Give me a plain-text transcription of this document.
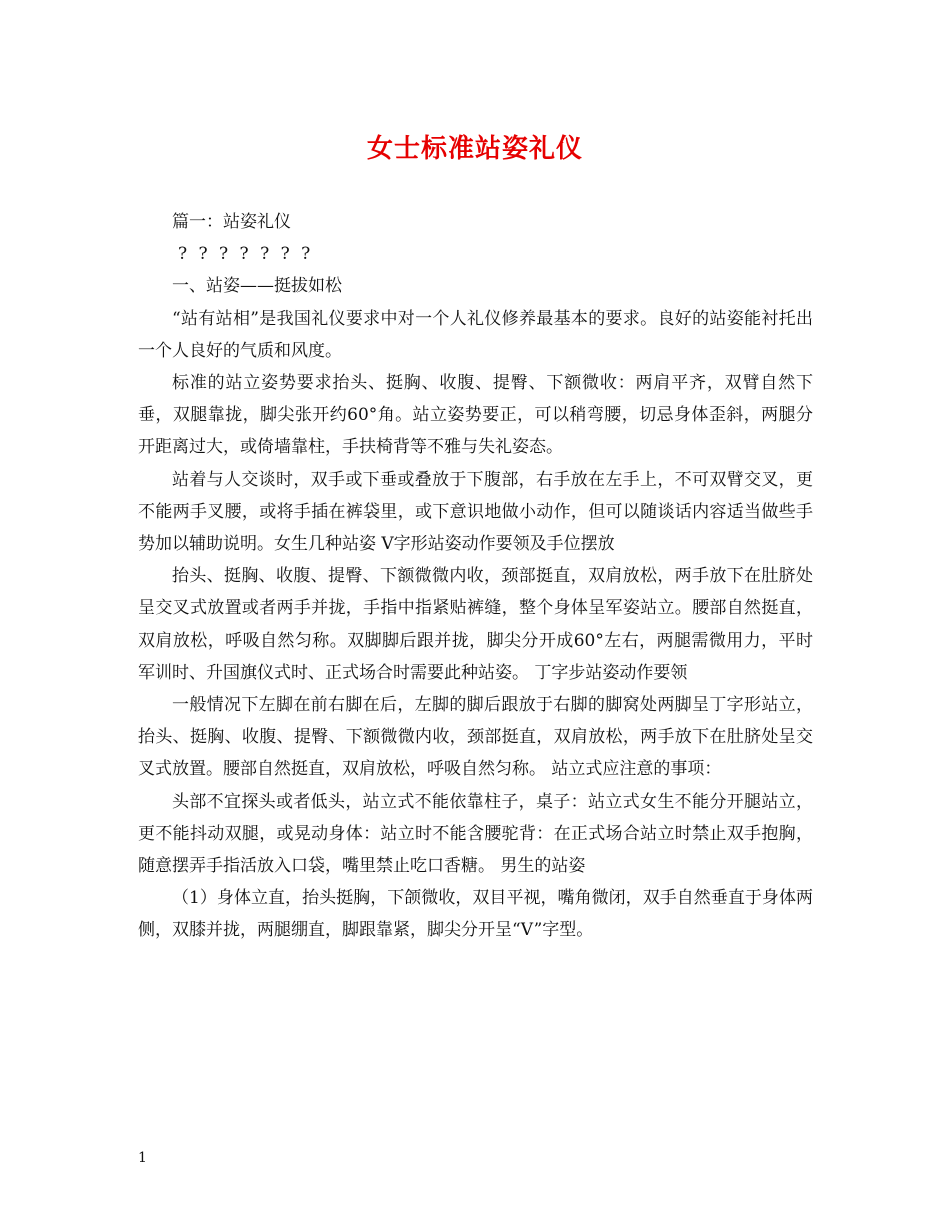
女士标准站姿礼仪

篇一：站姿礼仪

? ? ? ? ? ? ?

一、站姿——挺拔如松

“站有站相”是我国礼仪要求中对一个人礼仪修养最基本的要求。良好的站姿能衬托出一个人良好的气质和风度。

标准的站立姿势要求抬头、挺胸、收腹、提臀、下额微收：两肩平齐，双臂自然下垂，双腿靠拢，脚尖张开约60°角。站立姿势要正，可以稍弯腰，切忌身体歪斜，两腿分开距离过大，或倚墙靠柱，手扶椅背等不雅与失礼姿态。

站着与人交谈时，双手或下垂或叠放于下腹部，右手放在左手上，不可双臂交叉，更不能两手叉腰，或将手插在裤袋里，或下意识地做小动作，但可以随谈话内容适当做些手势加以辅助说明。女生几种站姿 V字形站姿动作要领及手位摆放

抬头、挺胸、收腹、提臀、下额微微内收，颈部挺直，双肩放松，两手放下在肚脐处呈交叉式放置或者两手并拢，手指中指紧贴裤缝，整个身体呈军姿站立。腰部自然挺直，双肩放松，呼吸自然匀称。双脚脚后跟并拢，脚尖分开成60°左右，两腿需微用力，平时军训时、升国旗仪式时、正式场合时需要此种站姿。 丁字步站姿动作要领

一般情况下左脚在前右脚在后，左脚的脚后跟放于右脚的脚窝处两脚呈丁字形站立，抬头、挺胸、收腹、提臀、下额微微内收，颈部挺直，双肩放松，两手放下在肚脐处呈交叉式放置。腰部自然挺直，双肩放松，呼吸自然匀称。 站立式应注意的事项：

头部不宜探头或者低头，站立式不能依靠柱子，桌子：站立式女生不能分开腿站立，更不能抖动双腿，或晃动身体：站立时不能含腰驼背：在正式场合站立时禁止双手抱胸，随意摆弄手指活放入口袋，嘴里禁止吃口香糖。 男生的站姿

（1）身体立直，抬头挺胸，下颌微收，双目平视，嘴角微闭，双手自然垂直于身体两侧，双膝并拢，两腿绷直，脚跟靠紧，脚尖分开呈“V”字型。

1
